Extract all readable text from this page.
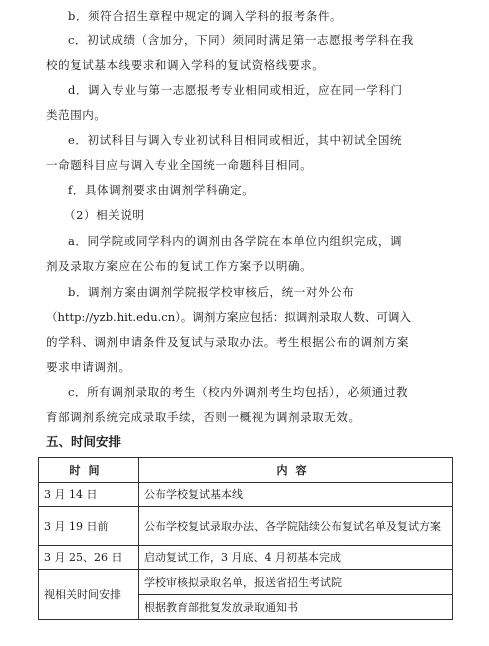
b．须符合招生章程中规定的调入学科的报考条件。
c．初试成绩（含加分，下同）须同时满足第一志愿报考学科在我
校的复试基本线要求和调入学科的复试资格线要求。
d．调入专业与第一志愿报考专业相同或相近，应在同一学科门
类范围内。
e．初试科目与调入专业初试科目相同或相近，其中初试全国统
一命题科目应与调入专业全国统一命题科目相同。
f．具体调剂要求由调剂学科确定。
（2）相关说明
a．同学院或同学科内的调剂由各学院在本单位内组织完成，调
剂及录取方案应在公布的复试工作方案予以明确。
b．调剂方案由调剂学院报学校审核后，统一对外公布
（http://yzb.hit.edu.cn）。调剂方案应包括：拟调剂录取人数、可调入
的学科、调剂申请条件及复试与录取办法。考生根据公布的调剂方案
要求申请调剂。
c．所有调剂录取的考生（校内外调剂考生均包括），必须通过教
育部调剂系统完成录取手续，否则一概视为调剂录取无效。
五、时间安排
时间	内容
3 月 14 日	公布学校复试基本线
3 月 19 日前	公布学校复试录取办法、各学院陆续公布复试名单及复试方案
3 月 25、26 日	启动复试工作，3 月底、4 月初基本完成
视相关时间安排	学校审核拟录取名单，报送省招生考试院
	根据教育部批复发放录取通知书
